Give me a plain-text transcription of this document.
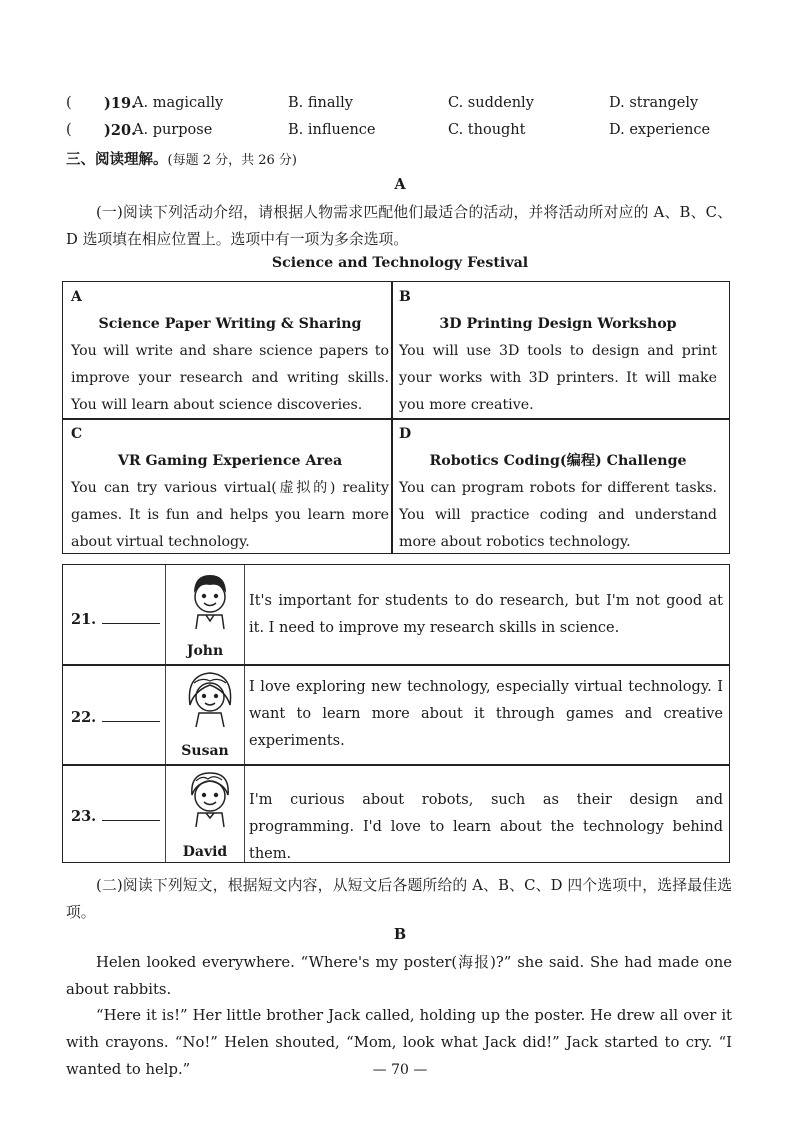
( )19.
A. magically	B. finally	C. suddenly	D. strangely
( )20.
A. purpose	B. influence	C. thought	D. experience
三、阅读理解。(每题 2 分，共 26 分)
A
(一)阅读下列活动介绍，请根据人物需求匹配他们最适合的活动，并将活动所对应的 A、B、C、D 选项填在相应位置上。选项中有一项为多余选项。
Science and Technology Festival
A
Science Paper Writing & Sharing
You will write and share science papers to improve your research and writing skills. You will learn about science discoveries.
B
3D Printing Design Workshop
You will use 3D tools to design and print your works with 3D printers. It will make you more creative.
C
VR Gaming Experience Area
You can try various virtual(虚拟的) reality games. It is fun and helps you learn more about virtual technology.
D
Robotics Coding(编程) Challenge
You can program robots for different tasks. You will practice coding and understand more about robotics technology.
21.
John
It's important for students to do research, but I'm not good at it. I need to improve my research skills in science.
22.
Susan
I love exploring new technology, especially virtual technology. I want to learn more about it through games and creative experiments.
23.
David
I'm curious about robots, such as their design and programming. I'd love to learn about the technology behind them.
(二)阅读下列短文，根据短文内容，从短文后各题所给的 A、B、C、D 四个选项中，选择最佳选项。
B
Helen looked everywhere. “Where's my poster(海报)?” she said. She had made one about rabbits.
“Here it is!” Her little brother Jack called, holding up the poster. He drew all over it with crayons. “No!” Helen shouted, “Mom, look what Jack did!” Jack started to cry. “I wanted to help.”	— 70 —
